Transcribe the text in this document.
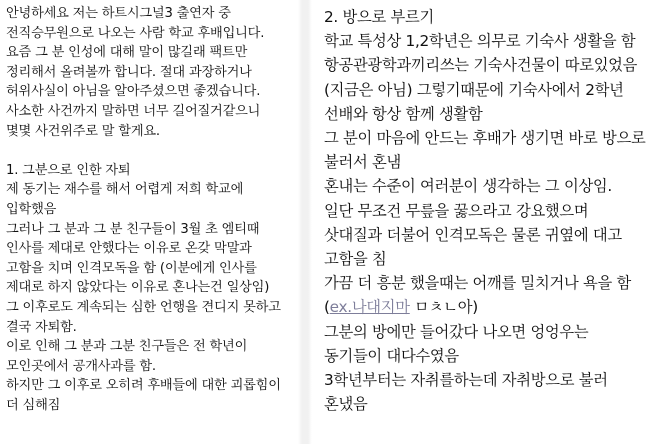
안녕하세요 저는 하트시그널3 출연자 중
전직승무원으로 나오는 사람 학교 후배입니다.
요즘 그 분 인성에 대해 말이 많길래 팩트만
정리해서 올려볼까 합니다. 절대 과장하거나
허위사실이 아님을 알아주셨으면 좋겠습니다.
사소한 사건까지 말하면 너무 길어질거같으니
몇몇 사건위주로 말 할게요.
1. 그분으로 인한 자퇴
제 동기는 재수를 해서 어렵게 저희 학교에
입학했음
그러나 그 분과 그 분 친구들이 3월 초 엠티때
인사를 제대로 안했다는 이유로 온갖 막말과
고함을 치며 인격모독을 함 (이분에게 인사를
제대로 하지 않았다는 이유로 혼나는건 일상임)
그 이후로도 계속되는 심한 언행을 견디지 못하고
결국 자퇴함.
이로 인해 그 분과 그분 친구들은 전 학년이
모인곳에서 공개사과를 함.
하지만 그 이후로 오히려 후배들에 대한 괴롭힘이
더 심해짐
2. 방으로 부르기
학교 특성상 1,2학년은 의무로 기숙사 생활을 함
항공관광학과끼리쓰는 기숙사건물이 따로있었음
(지금은 아님) 그렇기때문에 기숙사에서 2학년
선배와 항상 함께 생활함
그 분이 마음에 안드는 후배가 생기면 바로 방으로
불러서 혼냄
혼내는 수준이 여러분이 생각하는 그 이상임.
일단 무조건 무릎을 꿇으라고 강요했으며
삿대질과 더불어 인격모독은 물론 귀옆에 대고
고함을 침
가끔 더 흥분 했을때는 어깨를 밀치거나 욕을 함
(ex.나대지마 ㅁㅊㄴ아)
그분의 방에만 들어갔다 나오면 엉엉우는
동기들이 대다수였음
3학년부터는 자취를하는데 자취방으로 불러
혼냈음
